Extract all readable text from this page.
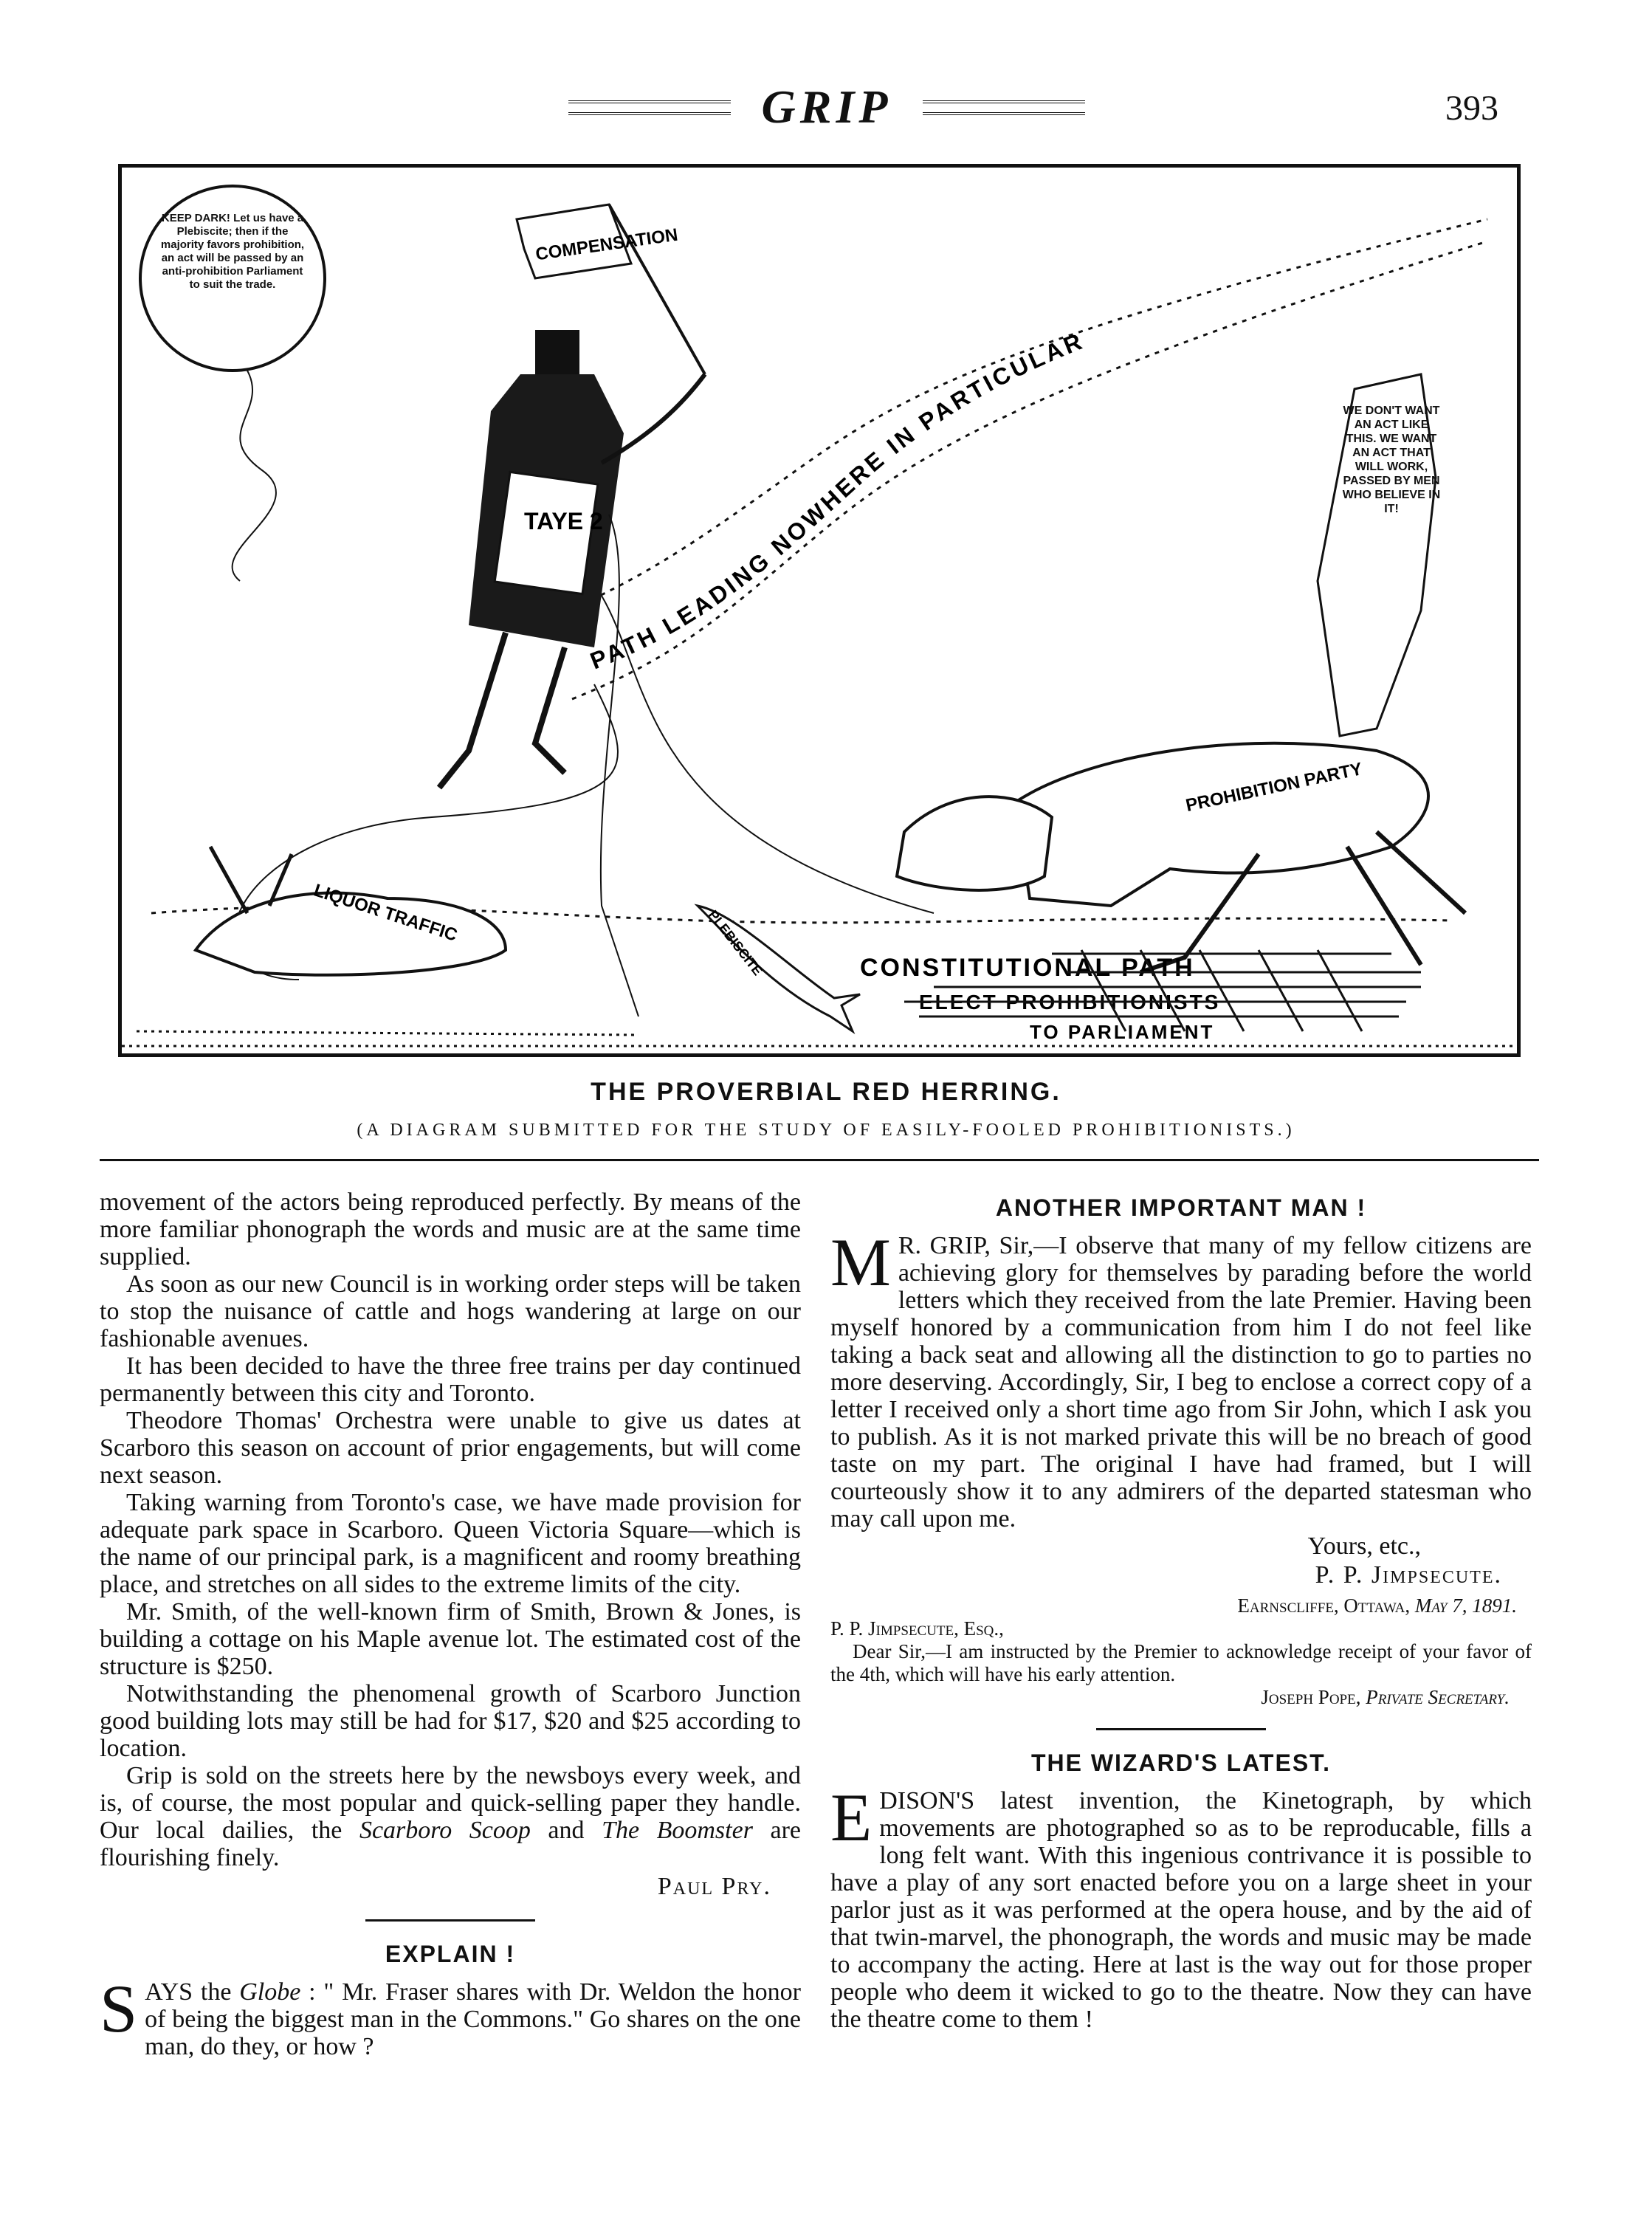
GRIP	393
KEEP DARK! Let us have a Plebiscite; then if the majority favors prohibition, an act will be passed by an anti-prohibition Parliament to suit the trade.
TAYE 2
COMPENSATION
PATH LEADING NOWHERE IN PARTICULAR
WE DON'T WANT AN ACT LIKE THIS. WE WANT AN ACT THAT WILL WORK, PASSED BY MEN WHO BELIEVE IN IT!
PROHIBITION PARTY
LIQUOR TRAFFIC	PLEBISCITE	CONSTITUTIONAL PATH
ELECT PROHIBITIONISTS
TO PARLIAMENT
THE PROVERBIAL RED HERRING.
(A DIAGRAM SUBMITTED FOR THE STUDY OF EASILY-FOOLED PROHIBITIONISTS.)

movement of the actors being reproduced perfectly. By means of the more familiar phonograph the words and music are at the same time supplied.

As soon as our new Council is in working order steps will be taken to stop the nuisance of cattle and hogs wandering at large on our fashionable avenues.

It has been decided to have the three free trains per day continued permanently between this city and Toronto.

Theodore Thomas' Orchestra were unable to give us dates at Scarboro this season on account of prior engagements, but will come next season.

Taking warning from Toronto's case, we have made provision for adequate park space in Scarboro. Queen Victoria Square—which is the name of our principal park, is a magnificent and roomy breathing place, and stretches on all sides to the extreme limits of the city.

Mr. Smith, of the well-known firm of Smith, Brown & Jones, is building a cottage on his Maple avenue lot. The estimated cost of the structure is $250.

Notwithstanding the phenomenal growth of Scarboro Junction good building lots may still be had for $17, $20 and $25 according to location.

Grip is sold on the streets here by the newsboys every week, and is, of course, the most popular and quick-selling paper they handle. Our local dailies, the Scarboro Scoop and The Boomster are flourishing finely.

Paul Pry.
EXPLAIN !

SAYS the Globe : " Mr. Fraser shares with Dr. Weldon the honor of being the biggest man in the Commons." Go shares on the one man, do they, or how ?

ANOTHER IMPORTANT MAN !

M R. GRIP, Sir,—I observe that many of my fellow citizens are achieving glory for themselves by parading before the world letters which they received from the late Premier. Having been myself honored by a communication from him I do not feel like taking a back seat and allowing all the distinction to go to parties no more deserving. Accordingly, Sir, I beg to enclose a correct copy of a letter I received only a short time ago from Sir John, which I ask you to publish. As it is not marked private this will be no breach of good taste on my part. The original I have had framed, but I will courteously show it to any admirers of the departed statesman who may call upon me.

Yours, etc.,
P. P. Jimpsecute.
Earnscliffe, Ottawa, May 7, 1891.
P. P. Jimpsecute, Esq.,

Dear Sir,—I am instructed by the Premier to acknowledge receipt of your favor of the 4th, which will have his early attention.

Joseph Pope, Private Secretary.
THE WIZARD'S LATEST.

EDISON'S latest invention, the Kinetograph, by which movements are photographed so as to be reproducable, fills a long felt want. With this ingenious contrivance it is possible to have a play of any sort enacted before you on a large sheet in your parlor just as it was performed at the opera house, and by the aid of that twin-marvel, the phonograph, the words and music may be made to accompany the acting. Here at last is the way out for those proper people who deem it wicked to go to the theatre. Now they can have the theatre come to them !
